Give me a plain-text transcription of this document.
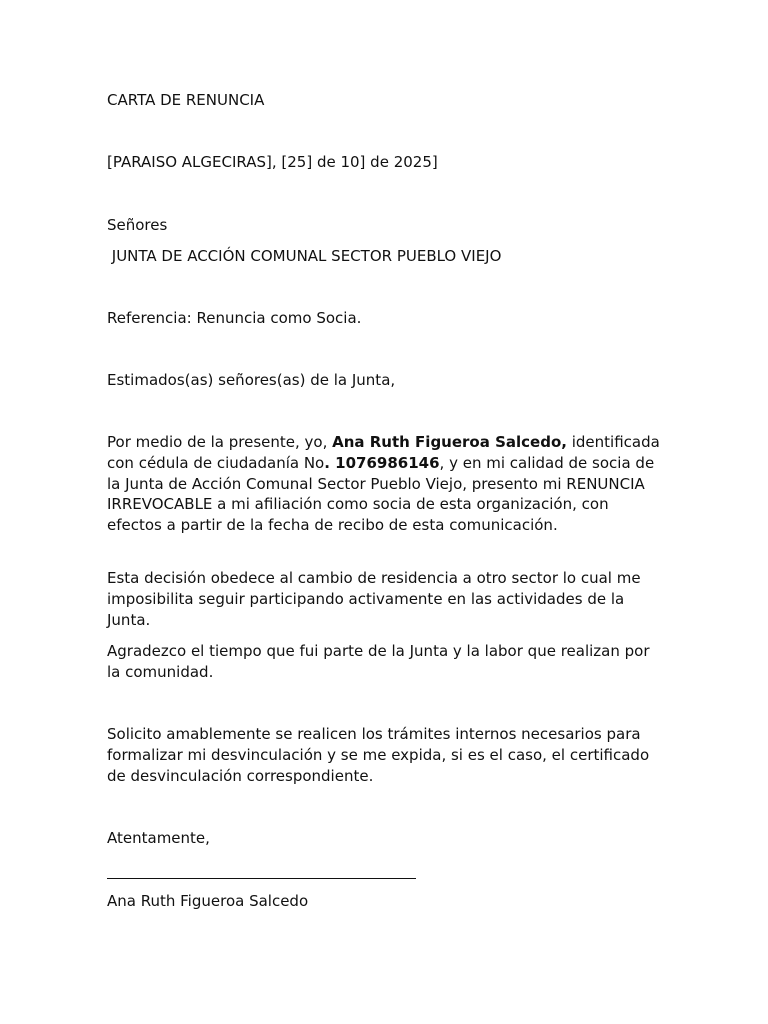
CARTA DE RENUNCIA
[PARAISO ALGECIRAS], [25] de 10] de 2025]
Señores
JUNTA DE ACCIÓN COMUNAL SECTOR PUEBLO VIEJO
Referencia: Renuncia como Socia.
Estimados(as) señores(as) de la Junta,

Por medio de la presente, yo, Ana Ruth Figueroa Salcedo, identificada con cédula de ciudadanía No. 1076986146, y en mi calidad de socia de la Junta de Acción Comunal Sector Pueblo Viejo, presento mi RENUNCIA IRREVOCABLE a mi afiliación como socia de esta organización, con efectos a partir de la fecha de recibo de esta comunicación.

Esta decisión obedece al cambio de residencia a otro sector lo cual me imposibilita seguir participando activamente en las actividades de la Junta.

Agradezco el tiempo que fui parte de la Junta y la labor que realizan por la comunidad.

Solicito amablemente se realicen los trámites internos necesarios para formalizar mi desvinculación y se me expida, si es el caso, el certificado de desvinculación correspondiente.

Atentamente,
Ana Ruth Figueroa Salcedo
